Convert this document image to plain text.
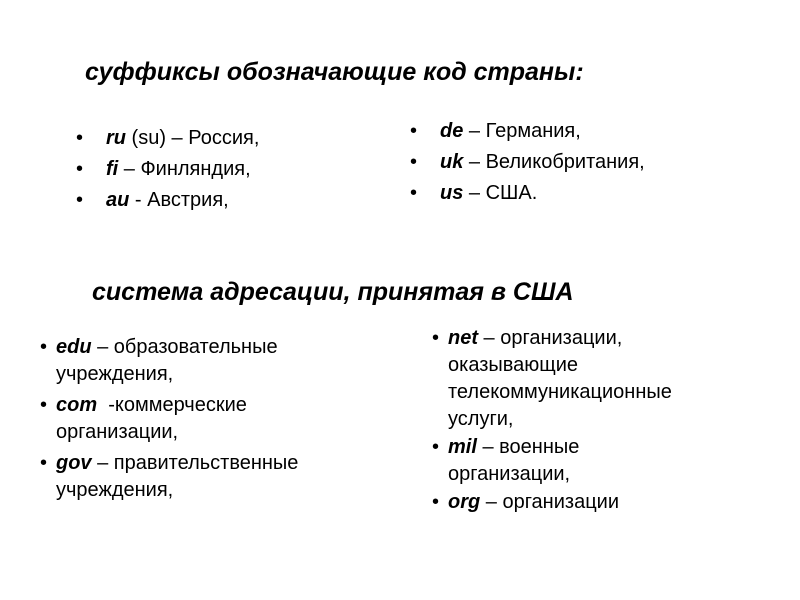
суффиксы обозначающие код страны:
• ru (su) – Россия,
• fi – Финляндия,
• au - Австрия,
• de – Германия,
• uk – Великобритания,
• us – США.
система адресации, принятая в США
• edu – образовательные
учреждения,
• com  -коммерческие
организации,
• gov – правительственные
учреждения,
• net – организации,
оказывающие
телекоммуникационные
услуги,
• mil – военные
организации,
• org – организации
